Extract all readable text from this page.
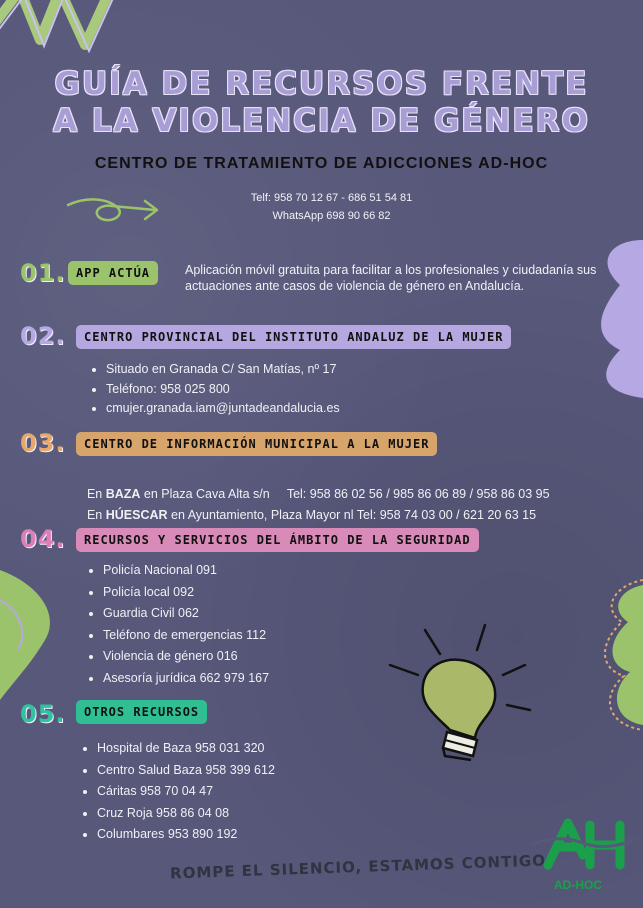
GUÍA DE RECURSOS FRENTE
A LA VIOLENCIA DE GÉNERO
CENTRO DE TRATAMIENTO DE ADICCIONES AD-HOC
Telf: 958 70 12 67 - 686 51 54 81
WhatsApp 698 90 66 82
01. APP ACTÚA	Aplicación móvil gratuita para facilitar a los profesionales y ciudadanía sus actuaciones ante casos de violencia de género en Andalucía.
02.	CENTRO PROVINCIAL DEL INSTITUTO ANDALUZ DE LA MUJER
• Situado en Granada C/ San Matías, nº 17
• Teléfono: 958 025 800
• cmujer.granada.iam@juntadeandalucia.es
03.	CENTRO DE INFORMACIÓN MUNICIPAL A LA MUJER

En BAZA en Plaza Cava Alta s/n     Tel: 958 86 02 56 / 985 86 06 89 / 958 86 03 95

En HÚESCAR en Ayuntamiento, Plaza Mayor nl Tel: 958 74 03 00 / 621 20 63 15

04.	RECURSOS Y SERVICIOS DEL ÁMBITO DE LA SEGURIDAD
• Policía Nacional 091
• Policía local 092
• Guardia Civil 062
• Teléfono de emergencias 112
• Violencia de género 016
• Asesoría jurídica 662 979 167
05.	OTROS RECURSOS
• Hospital de Baza 958 031 320
• Centro Salud Baza 958 399 612
• Cáritas 958 70 04 47
• Cruz Roja 958 86 04 08
• Columbares 953 890 192
ROMPE EL SILENCIO, ESTAMOS CONTIGO
AD-HOC
